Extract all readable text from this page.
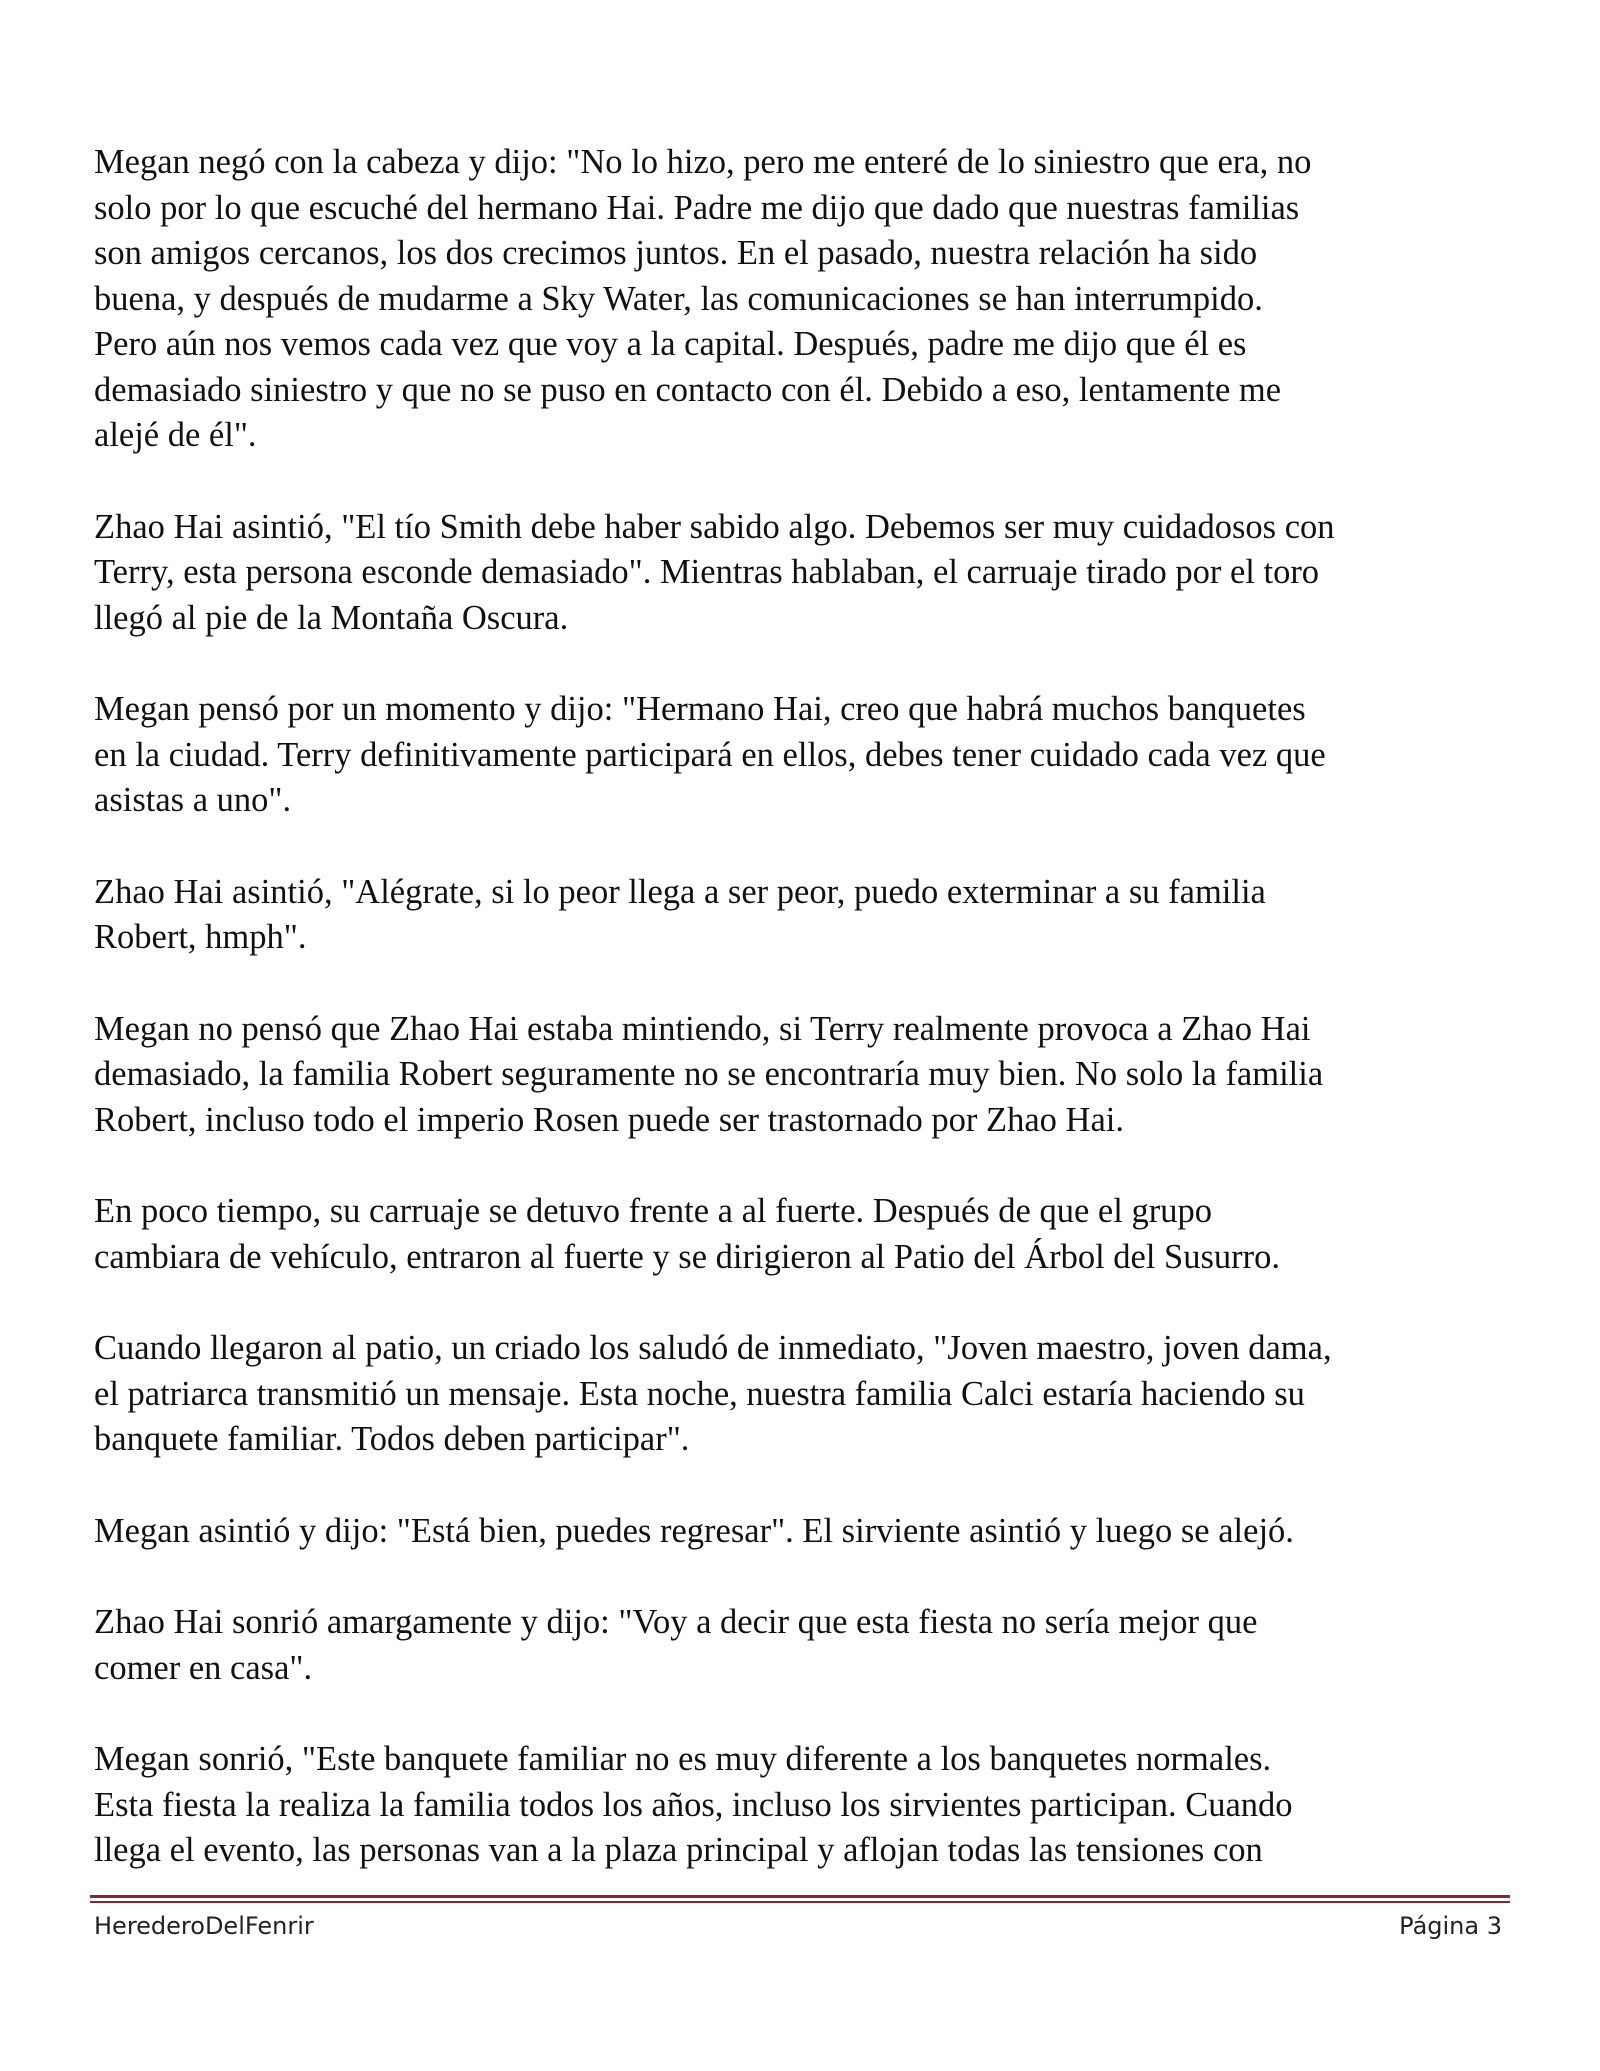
Megan negó con la cabeza y dijo: "No lo hizo, pero me enteré de lo siniestro que era, no
solo por lo que escuché del hermano Hai. Padre me dijo que dado que nuestras familias
son amigos cercanos, los dos crecimos juntos. En el pasado, nuestra relación ha sido
buena, y después de mudarme a Sky Water, las comunicaciones se han interrumpido.
Pero aún nos vemos cada vez que voy a la capital. Después, padre me dijo que él es
demasiado siniestro y que no se puso en contacto con él. Debido a eso, lentamente me
alejé de él".

Zhao Hai asintió, "El tío Smith debe haber sabido algo. Debemos ser muy cuidadosos con
Terry, esta persona esconde demasiado". Mientras hablaban, el carruaje tirado por el toro
llegó al pie de la Montaña Oscura.

Megan pensó por un momento y dijo: "Hermano Hai, creo que habrá muchos banquetes
en la ciudad. Terry definitivamente participará en ellos, debes tener cuidado cada vez que
asistas a uno".

Zhao Hai asintió, "Alégrate, si lo peor llega a ser peor, puedo exterminar a su familia
Robert, hmph".

Megan no pensó que Zhao Hai estaba mintiendo, si Terry realmente provoca a Zhao Hai
demasiado, la familia Robert seguramente no se encontraría muy bien. No solo la familia
Robert, incluso todo el imperio Rosen puede ser trastornado por Zhao Hai.

En poco tiempo, su carruaje se detuvo frente a al fuerte. Después de que el grupo
cambiara de vehículo, entraron al fuerte y se dirigieron al Patio del Árbol del Susurro.

Cuando llegaron al patio, un criado los saludó de inmediato, "Joven maestro, joven dama,
el patriarca transmitió un mensaje. Esta noche, nuestra familia Calci estaría haciendo su
banquete familiar. Todos deben participar".

Megan asintió y dijo: "Está bien, puedes regresar". El sirviente asintió y luego se alejó.

Zhao Hai sonrió amargamente y dijo: "Voy a decir que esta fiesta no sería mejor que
comer en casa".

Megan sonrió, "Este banquete familiar no es muy diferente a los banquetes normales.
Esta fiesta la realiza la familia todos los años, incluso los sirvientes participan. Cuando
llega el evento, las personas van a la plaza principal y aflojan todas las tensiones con

HerederoDelFenrir	Página 3
